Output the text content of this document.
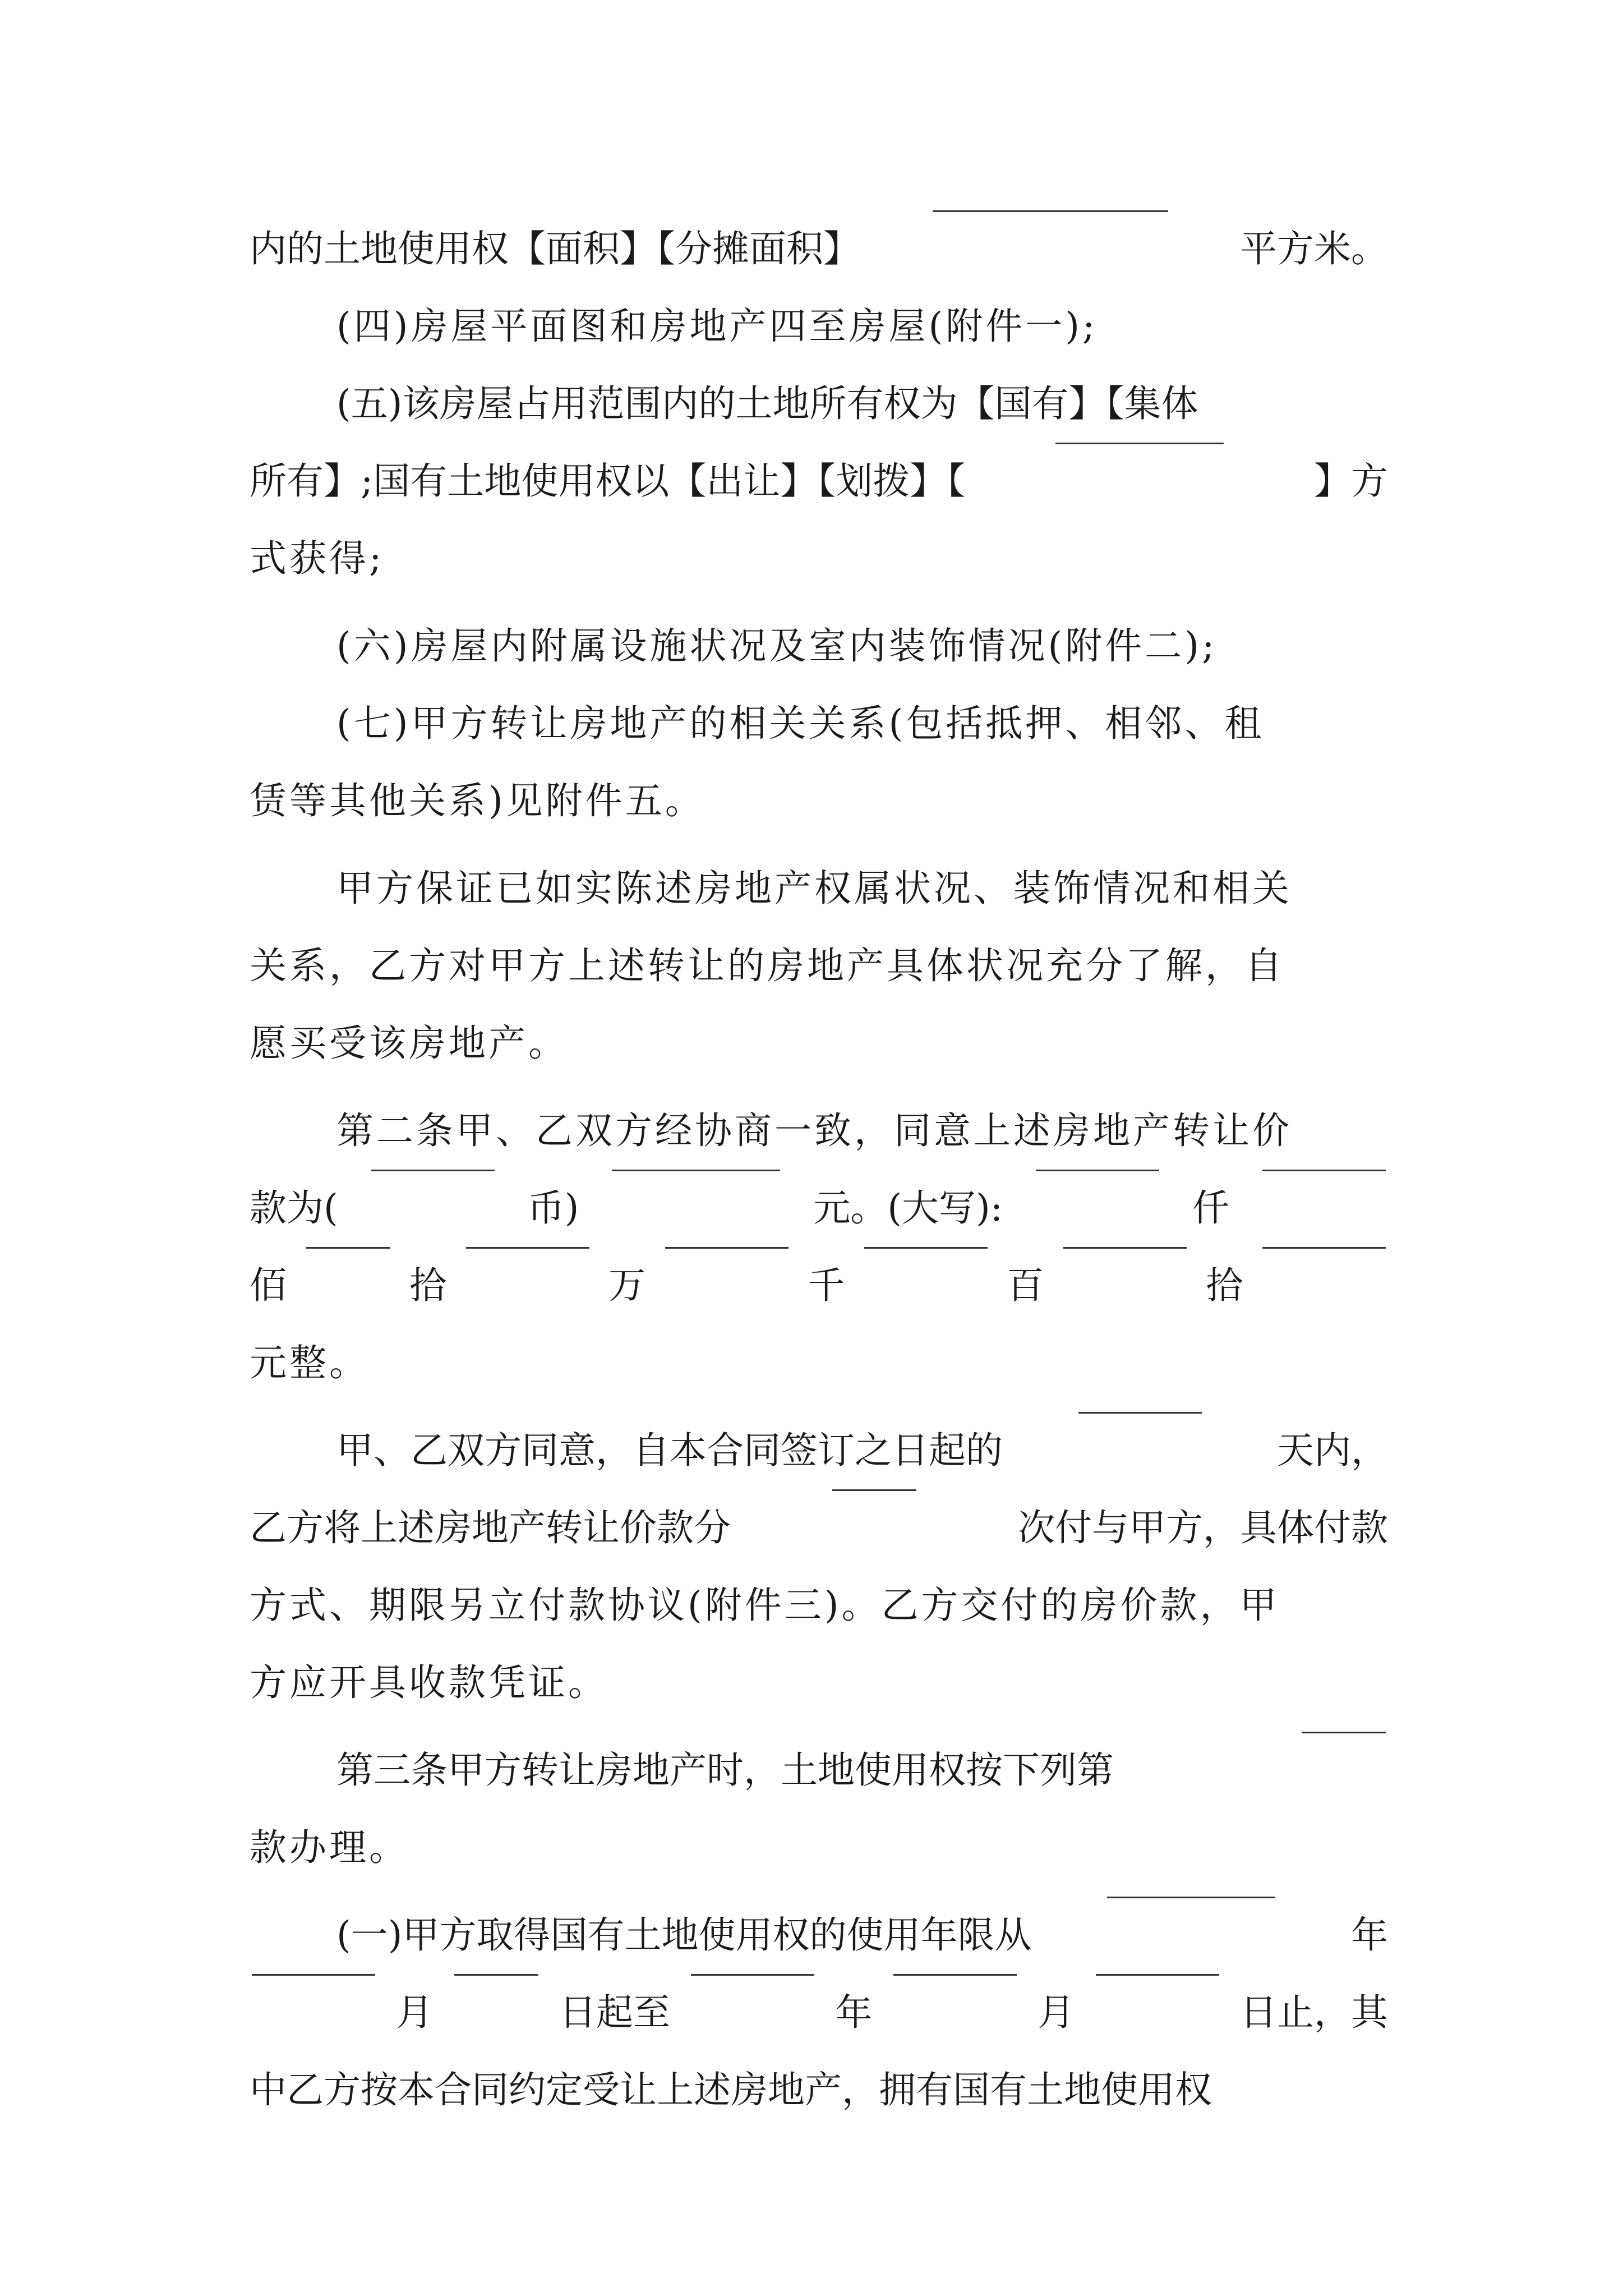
内的土地使用权【面积】【分摊面积】	平方米。
(四)房屋平面图和房地产四至房屋(附件一);
(五)该房屋占用范围内的土地所有权为【国有】【集体
所有】;国有土地使用权以【出让】【划拨】【	】方
式获得;
(六)房屋内附属设施状况及室内装饰情况(附件二);
(七)甲方转让房地产的相关关系(包括抵押、相邻、租
赁等其他关系)见附件五。
甲方保证已如实陈述房地产权属状况、装饰情况和相关
关系，乙方对甲方上述转让的房地产具体状况充分了解，自
愿买受该房地产。
第二条甲、乙双方经协商一致，同意上述房地产转让价
款为(	币)	元。(大写):	仟
佰	拾	万	千	百	拾
元整。
甲、乙双方同意，自本合同签订之日起的	天内，
乙方将上述房地产转让价款分	次付与甲方，具体付款
方式、期限另立付款协议(附件三)。乙方交付的房价款，甲
方应开具收款凭证。
第三条甲方转让房地产时，土地使用权按下列第
款办理。
(一)甲方取得国有土地使用权的使用年限从	年
月	日起至	年	月	日止，其
中乙方按本合同约定受让上述房地产，拥有国有土地使用权
